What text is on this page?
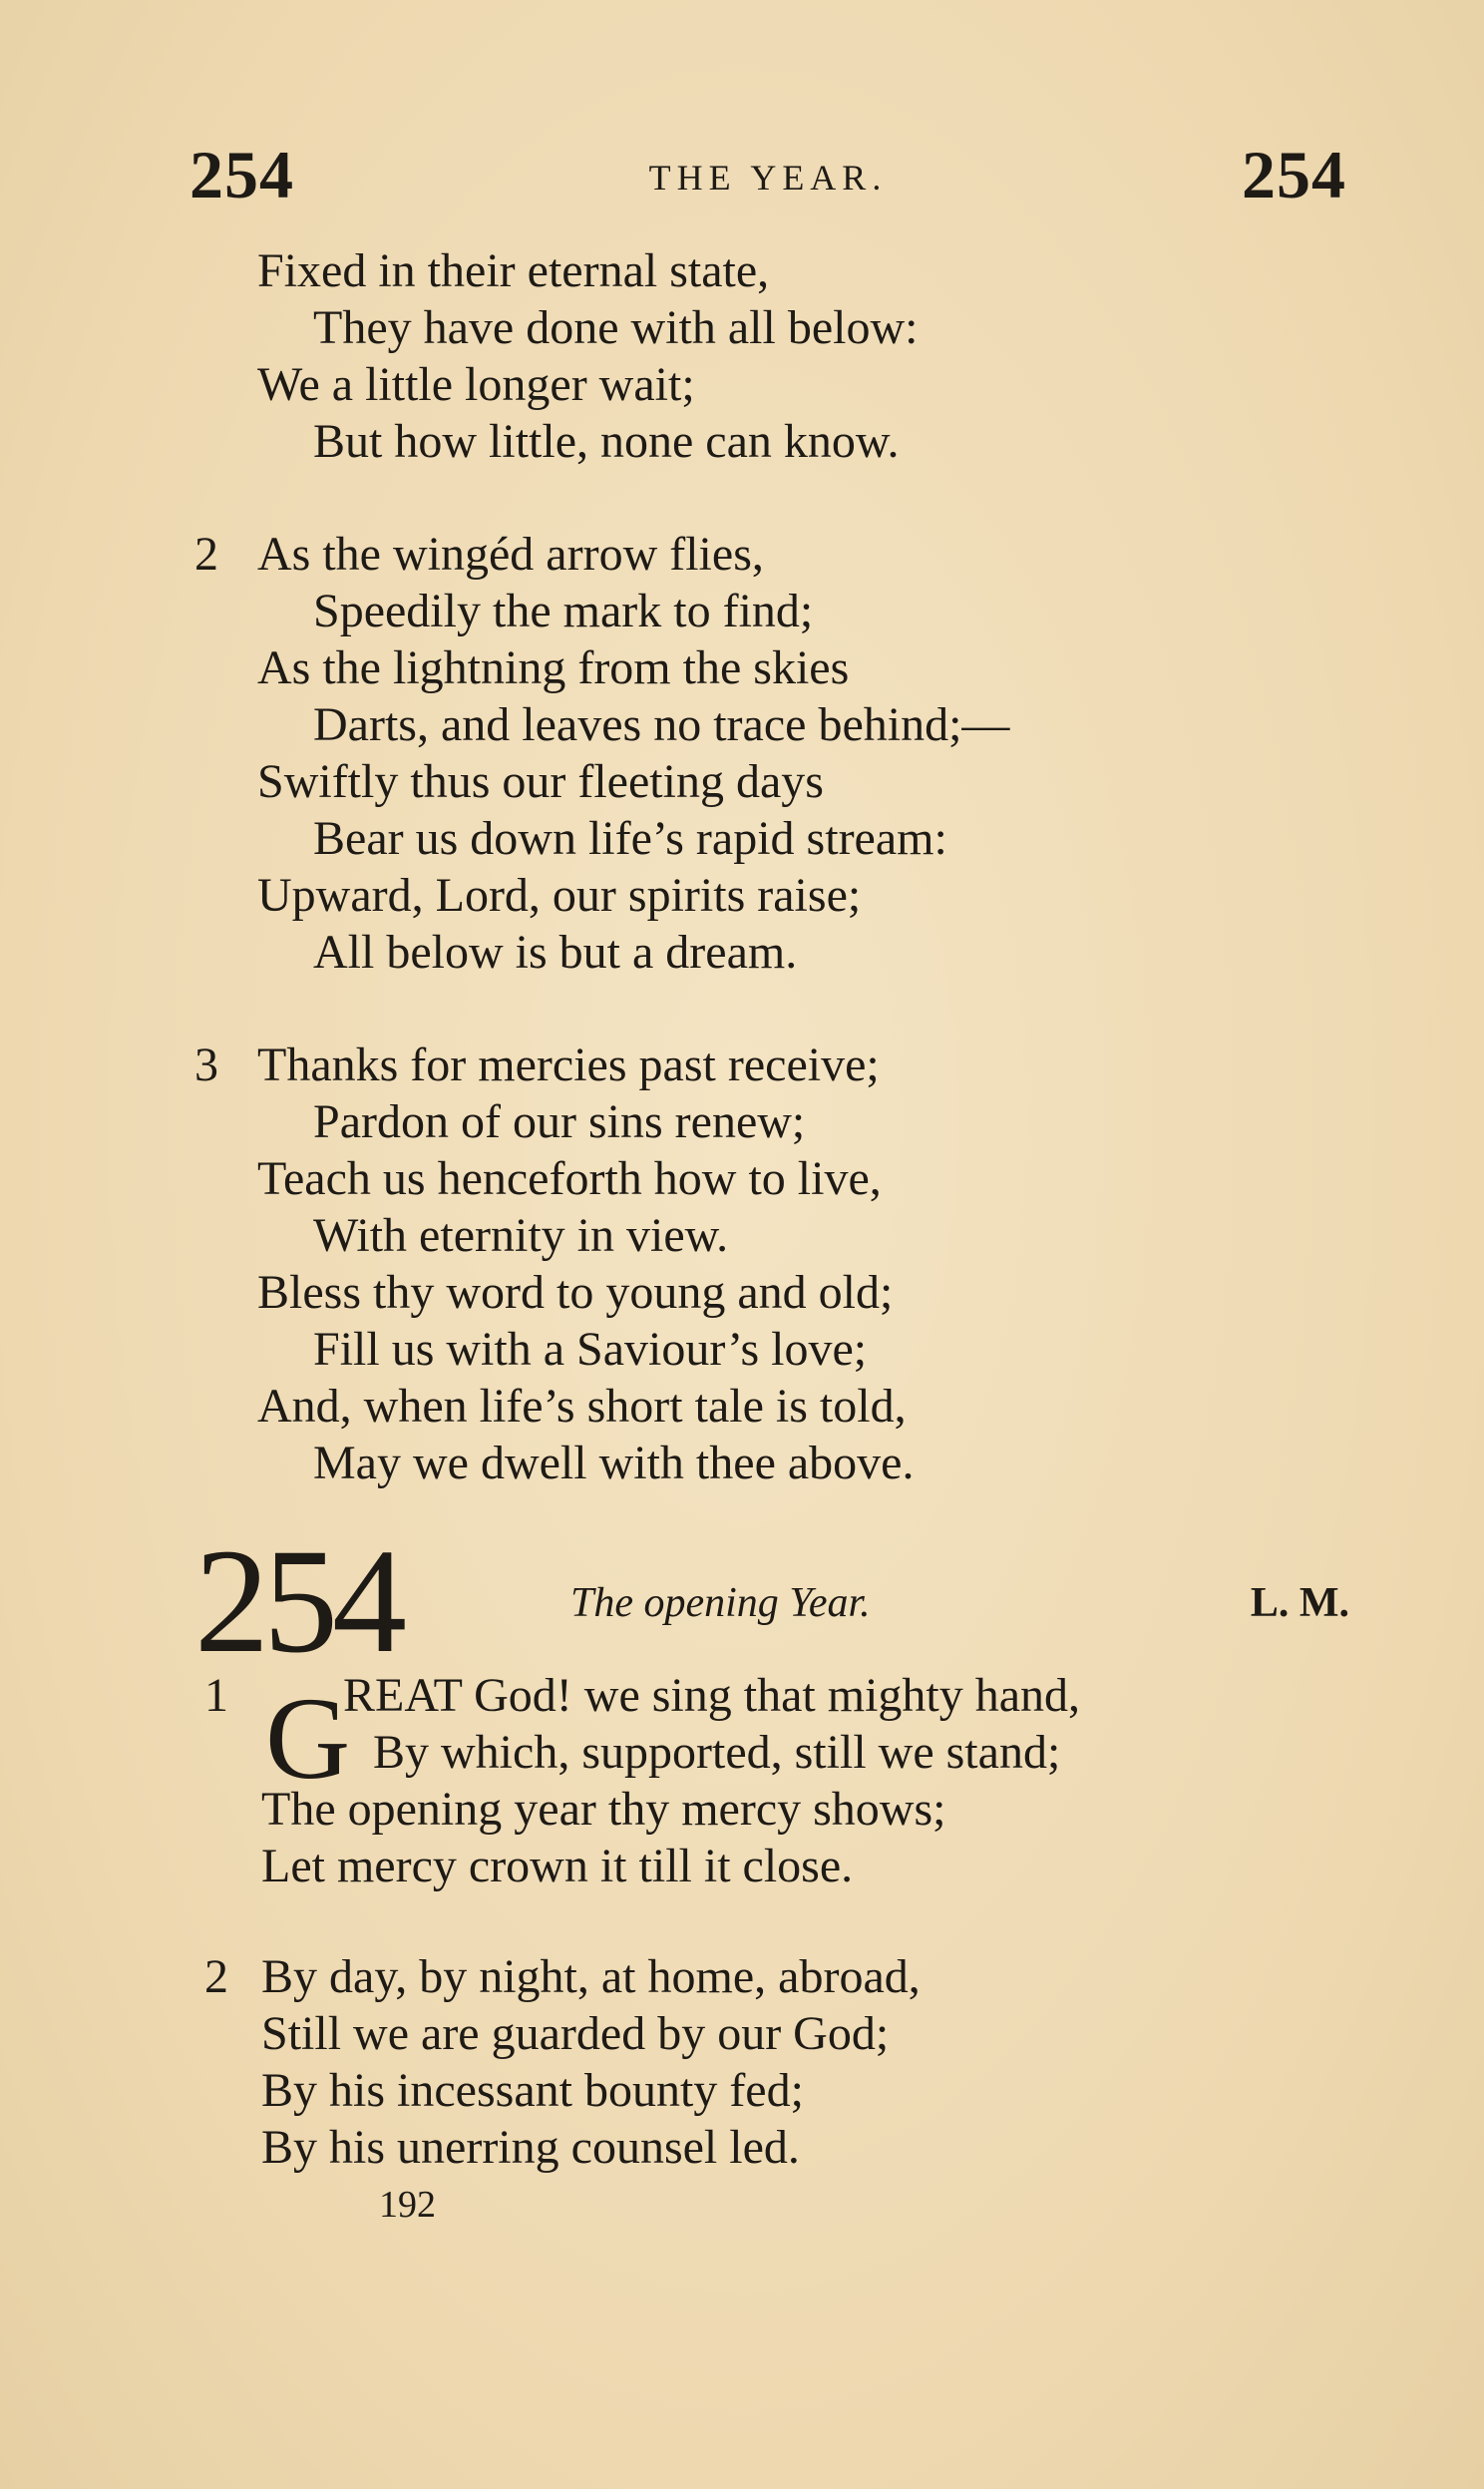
254	THE YEAR.	254
Fixed in their eternal state,
They have done with all below:
We a little longer wait;
But how little, none can know.
2 As the wingéd arrow flies,
Speedily the mark to find;
As the lightning from the skies
Darts, and leaves no trace behind;—
Swiftly thus our fleeting days
Bear us down life’s rapid stream:
Upward, Lord, our spirits raise;
All below is but a dream.
3 Thanks for mercies past receive;
Pardon of our sins renew;
Teach us henceforth how to live,
With eternity in view.
Bless thy word to young and old;
Fill us with a Saviour’s love;
And, when life’s short tale is told,
May we dwell with thee above.
254	The opening Year.	L. M.
1 G
REAT God! we sing that mighty hand,
By which, supported, still we stand;
The opening year thy mercy shows;
Let mercy crown it till it close.
2 By day, by night, at home, abroad,
Still we are guarded by our God;
By his incessant bounty fed;
By his unerring counsel led.
192
